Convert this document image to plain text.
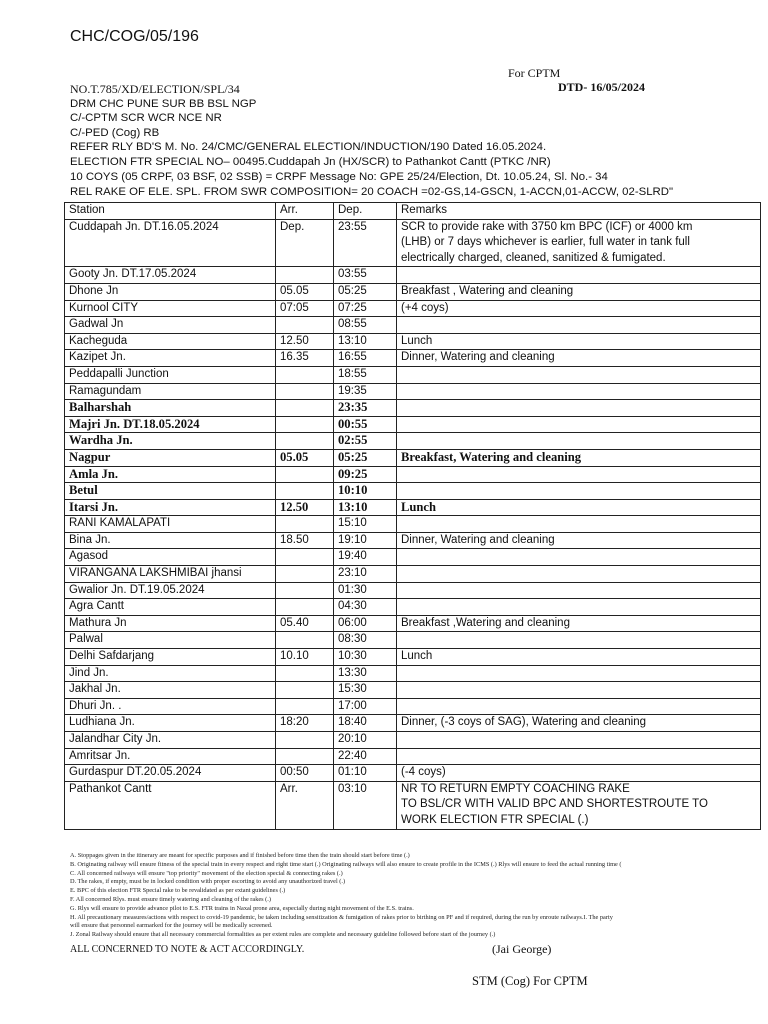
CHC/COG/05/196
For CPTM
DTD- 16/05/2024
NO.T.785/XD/ELECTION/SPL/34
DRM CHC PUNE SUR BB BSL NGP
C/-CPTM SCR WCR NCE NR
C/-PED (Cog) RB
REFER RLY BD'S M. No. 24/CMC/GENERAL ELECTION/INDUCTION/190 Dated 16.05.2024.
ELECTION FTR SPECIAL NO– 00495.Cuddapah Jn (HX/SCR) to Pathankot Cantt (PTKC /NR)
10 COYS (05 CRPF, 03 BSF, 02 SSB) = CRPF Message No: GPE 25/24/Election, Dt. 10.05.24, Sl. No.- 34
REL RAKE OF ELE. SPL. FROM SWR COMPOSITION= 20 COACH =02-GS,14-GSCN, 1-ACCN,01-ACCW, 02-SLRD"
Station	Arr.	Dep.	Remarks
Cuddapah Jn. DT.16.05.2024	Dep.	23:55	SCR to provide rake with 3750 km BPC (ICF) or 4000 km
(LHB) or 7 days whichever is earlier, full water in tank full
electrically charged, cleaned, sanitized & fumigated.
Gooty Jn. DT.17.05.2024		03:55	
Dhone Jn	05.05	05:25	Breakfast , Watering and cleaning
Kurnool CITY	07:05	07:25	(+4 coys)
Gadwal Jn		08:55	
Kacheguda	12.50	13:10	Lunch
Kazipet Jn.	16.35	16:55	Dinner, Watering and cleaning
Peddapalli Junction		18:55	
Ramagundam		19:35	
Balharshah		23:35	
Majri Jn. DT.18.05.2024		00:55	
Wardha Jn.		02:55	
Nagpur	05.05	05:25	Breakfast, Watering and cleaning
Amla Jn.		09:25	
Betul		10:10	
Itarsi Jn.	12.50	13:10	Lunch
RANI KAMALAPATI		15:10	
Bina Jn.	18.50	19:10	Dinner, Watering and cleaning
Agasod		19:40	
VIRANGANA LAKSHMIBAI jhansi		23:10	
Gwalior Jn. DT.19.05.2024		01:30	
Agra Cantt		04:30	
Mathura Jn	05.40	06:00	Breakfast ,Watering and cleaning
Palwal		08:30	
Delhi Safdarjang	10.10	10:30	Lunch
Jind Jn.		13:30	
Jakhal Jn.		15:30	
Dhuri Jn. .		17:00	
Ludhiana Jn.	18:20	18:40	Dinner, (-3 coys of SAG), Watering and cleaning
Jalandhar City Jn.		20:10	
Amritsar Jn.		22:40	
Gurdaspur DT.20.05.2024	00:50	01:10	(-4 coys)
Pathankot Cantt	Arr.	03:10	NR TO RETURN EMPTY COACHING RAKE
TO BSL/CR WITH VALID BPC AND SHORTESTROUTE TO
WORK ELECTION FTR SPECIAL (.)
A. Stoppages given in the itinerary are meant for specific purposes and if finished before time then the train should start before time (.)
B. Originating railway will ensure fitness of the special train in every respect and right time start (.) Originating railways will also ensure to create profile in the ICMS (.) Rlys will ensure to feed the actual running time (
C. All concerned railways will ensure "top priority" movement of the election special & connecting rakes (.)
D. The rakes, if empty, must be in locked condition with proper escorting to avoid any unauthorized travel (.)
E. BPC of this election FTR Special rake to be revalidated as per extant guidelines (.)
F. All concerned Rlys. must ensure timely watering and cleaning of the rakes (.)
G. Rlys will ensure to provide advance pilot to E.S. FTR trains in Naxal prone area, especially during night movement of the E.S. trains.
H. All precautionary measures/actions with respect to covid-19 pandemic, be taken including sensitization & fumigation of rakes prior to birthing on PF and if required, during the run by enroute railways.I. The party
will ensure that personnel earmarked for the journey will be medically screened.
J. Zonal Railway should ensure that all necessary commercial formalities as per extent rules are complete and necessary guideline followed before start of the journey (.)
ALL CONCERNED TO NOTE & ACT ACCORDINGLY.	(Jai George)
STM (Cog) For CPTM
